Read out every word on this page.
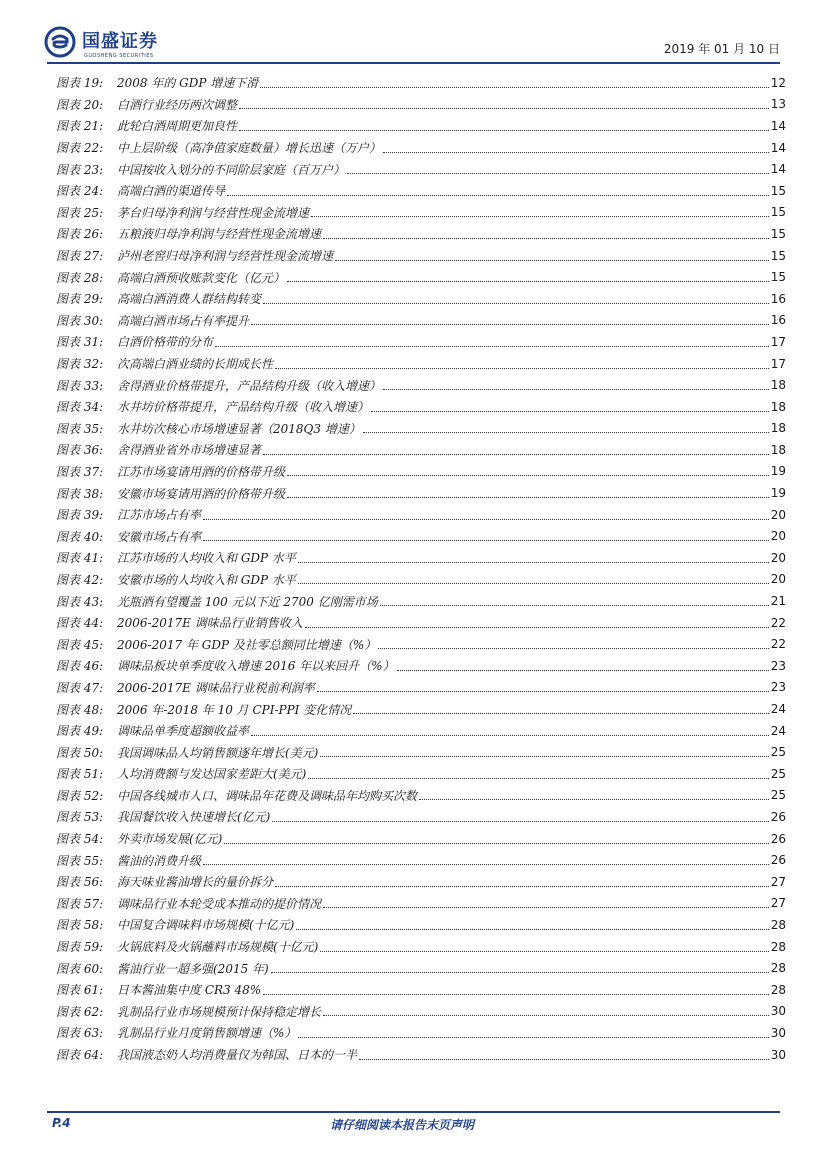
国盛证券
GUOSHENG SECURITIES	2019 年 01 月 10 日
图表 19:	2008 年的 GDP 增速下滑	12
图表 20:	白酒行业经历两次调整	13
图表 21:	此轮白酒周期更加良性	14
图表 22:	中上层阶级（高净值家庭数量）增长迅速（万户）	14
图表 23:	中国按收入划分的不同阶层家庭（百万户）	14
图表 24:	高端白酒的渠道传导	15
图表 25:	茅台归母净利润与经营性现金流增速	15
图表 26:	五粮液归母净利润与经营性现金流增速	15
图表 27:	泸州老窖归母净利润与经营性现金流增速	15
图表 28:	高端白酒预收账款变化（亿元）	15
图表 29:	高端白酒消费人群结构转变	16
图表 30:	高端白酒市场占有率提升	16
图表 31:	白酒价格带的分布	17
图表 32:	次高端白酒业绩的长期成长性	17
图表 33:	舍得酒业价格带提升，产品结构升级（收入增速）	18
图表 34:	水井坊价格带提升，产品结构升级（收入增速）	18
图表 35:	水井坊次核心市场增速显著（2018Q3 增速）	18
图表 36:	舍得酒业省外市场增速显著	18
图表 37:	江苏市场宴请用酒的价格带升级	19
图表 38:	安徽市场宴请用酒的价格带升级	19
图表 39:	江苏市场占有率	20
图表 40:	安徽市场占有率	20
图表 41:	江苏市场的人均收入和 GDP 水平	20
图表 42:	安徽市场的人均收入和 GDP 水平	20
图表 43:	光瓶酒有望覆盖 100 元以下近 2700 亿刚需市场	21
图表 44:	2006-2017E 调味品行业销售收入	22
图表 45:	2006-2017 年 GDP 及社零总额同比增速（%）	22
图表 46:	调味品板块单季度收入增速 2016 年以来回升（%）	23
图表 47:	2006-2017E 调味品行业税前利润率	23
图表 48:	2006 年-2018 年 10 月 CPI-PPI 变化情况	24
图表 49:	调味品单季度超额收益率	24
图表 50:	我国调味品人均销售额逐年增长(美元)	25
图表 51:	人均消费额与发达国家差距大(美元)	25
图表 52:	中国各线城市人口、调味品年花费及调味品年均购买次数	25
图表 53:	我国餐饮收入快速增长(亿元)	26
图表 54:	外卖市场发展(亿元)	26
图表 55:	酱油的消费升级	26
图表 56:	海天味业酱油增长的量价拆分	27
图表 57:	调味品行业本轮受成本推动的提价情况	27
图表 58:	中国复合调味料市场规模(十亿元)	28
图表 59:	火锅底料及火锅蘸料市场规模(十亿元)	28
图表 60:	酱油行业一超多强(2015 年)	28
图表 61:	日本酱油集中度 CR3 48%	28
图表 62:	乳制品行业市场规模预计保持稳定增长	30
图表 63:	乳制品行业月度销售额增速（%）	30
图表 64:	我国液态奶人均消费量仅为韩国、日本的一半	30
P.4	请仔细阅读本报告末页声明
